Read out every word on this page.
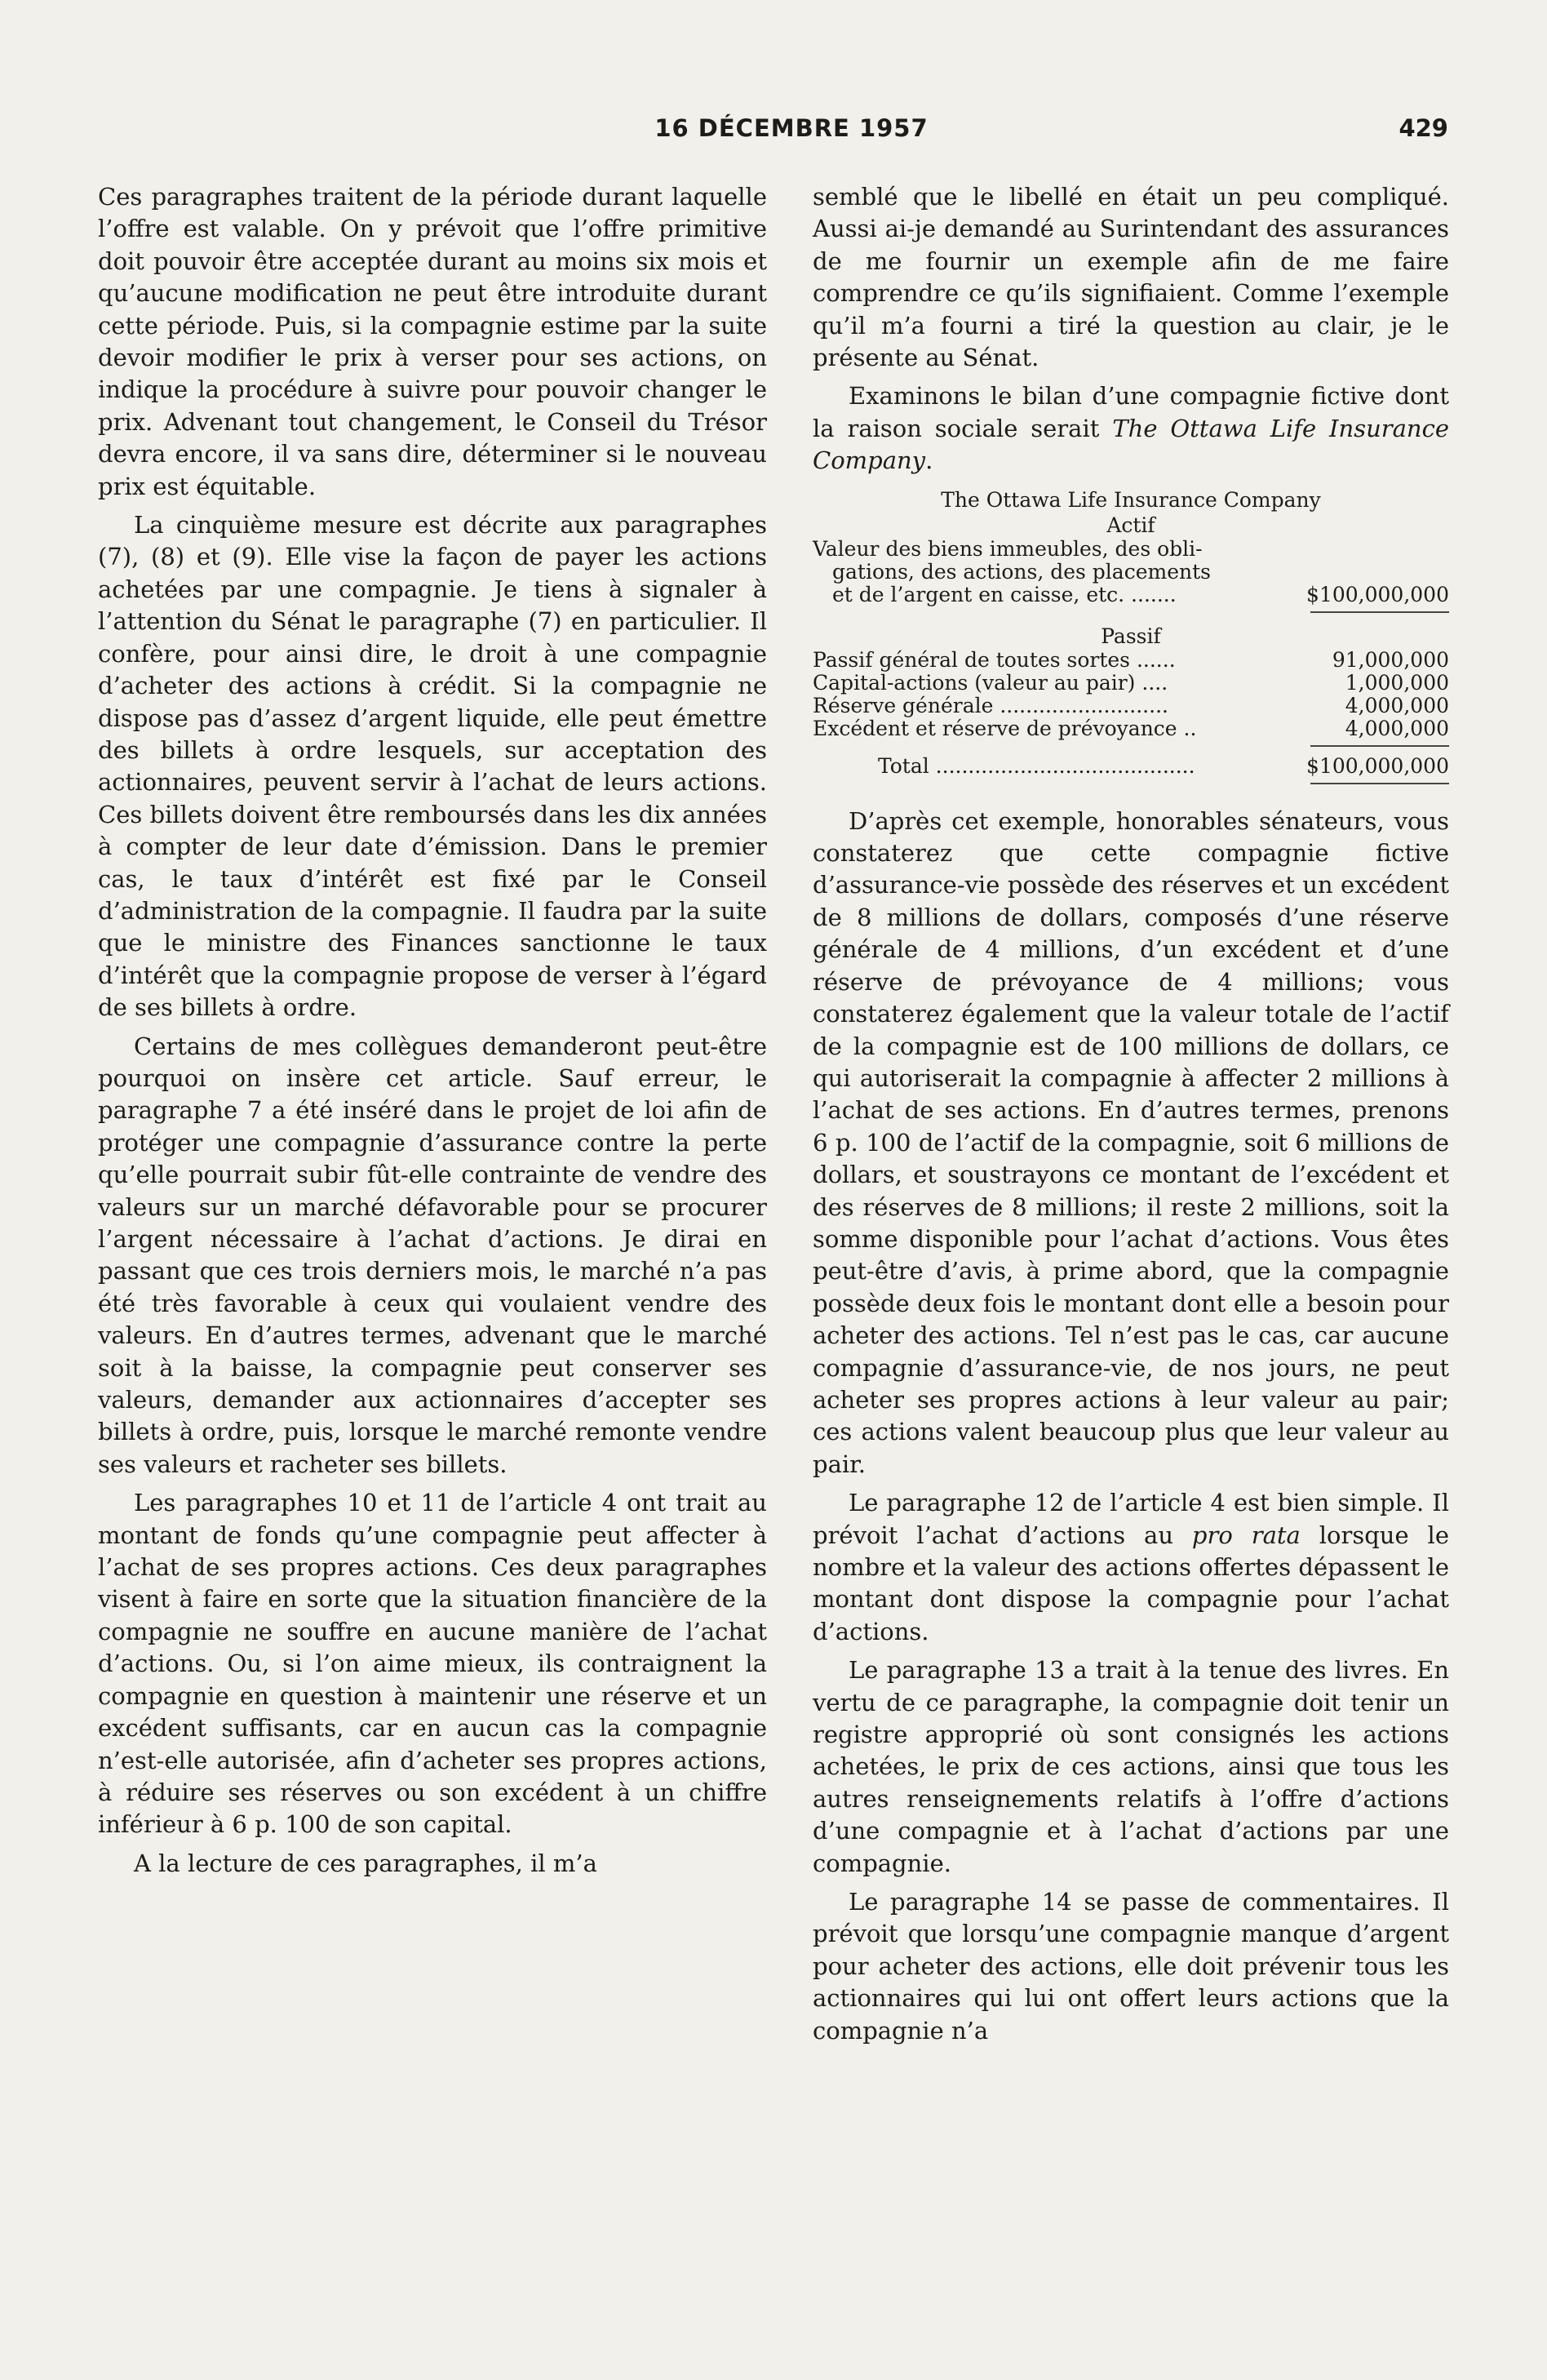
16 DÉCEMBRE 1957	429

Ces paragraphes traitent de la période durant laquelle l’offre est valable. On y prévoit que l’offre primitive doit pouvoir être acceptée durant au moins six mois et qu’aucune modification ne peut être introduite durant cette période. Puis, si la compagnie estime par la suite devoir modifier le prix à verser pour ses actions, on indique la procédure à suivre pour pouvoir changer le prix. Advenant tout changement, le Conseil du Trésor devra encore, il va sans dire, déterminer si le nouveau prix est équitable.

La cinquième mesure est décrite aux paragraphes (7), (8) et (9). Elle vise la façon de payer les actions achetées par une compagnie. Je tiens à signaler à l’attention du Sénat le paragraphe (7) en particulier. Il confère, pour ainsi dire, le droit à une compagnie d’acheter des actions à crédit. Si la compagnie ne dispose pas d’assez d’argent liquide, elle peut émettre des billets à ordre lesquels, sur acceptation des actionnaires, peuvent servir à l’achat de leurs actions. Ces billets doivent être remboursés dans les dix années à compter de leur date d’émission. Dans le premier cas, le taux d’intérêt est fixé par le Conseil d’administration de la compagnie. Il faudra par la suite que le ministre des Finances sanctionne le taux d’intérêt que la compagnie propose de verser à l’égard de ses billets à ordre.

Certains de mes collègues demanderont peut-être pourquoi on insère cet article. Sauf erreur, le paragraphe 7 a été inséré dans le projet de loi afin de protéger une compagnie d’assurance contre la perte qu’elle pourrait subir fût-elle contrainte de vendre des valeurs sur un marché défavorable pour se procurer l’argent nécessaire à l’achat d’actions. Je dirai en passant que ces trois derniers mois, le marché n’a pas été très favorable à ceux qui voulaient vendre des valeurs. En d’autres termes, advenant que le marché soit à la baisse, la compagnie peut conserver ses valeurs, demander aux actionnaires d’accepter ses billets à ordre, puis, lorsque le marché remonte vendre ses valeurs et racheter ses billets.

Les paragraphes 10 et 11 de l’article 4 ont trait au montant de fonds qu’une compagnie peut affecter à l’achat de ses propres actions. Ces deux paragraphes visent à faire en sorte que la situation financière de la compagnie ne souffre en aucune manière de l’achat d’actions. Ou, si l’on aime mieux, ils contraignent la compagnie en question à maintenir une réserve et un excédent suffisants, car en aucun cas la compagnie n’est-elle autorisée, afin d’acheter ses propres actions, à réduire ses réserves ou son excédent à un chiffre inférieur à 6 p. 100 de son capital.

A la lecture de ces paragraphes, il m’a

semblé que le libellé en était un peu compliqué. Aussi ai-je demandé au Surintendant des assurances de me fournir un exemple afin de me faire comprendre ce qu’ils signifiaient. Comme l’exemple qu’il m’a fourni a tiré la question au clair, je le présente au Sénat.

Examinons le bilan d’une compagnie fictive dont la raison sociale serait The Ottawa Life Insurance Company.

The Ottawa Life Insurance Company
Actif
Valeur des biens immeubles, des obli-
gations, des actions, des placements
et de l’argent en caisse, etc. .......	$100,000,000
Passif
Passif général de toutes sortes ......	91,000,000
Capital-actions (valeur au pair) ....	1,000,000
Réserve générale ..........................	4,000,000
Excédent et réserve de prévoyance ..	4,000,000
Total ........................................	$100,000,000

D’après cet exemple, honorables sénateurs, vous constaterez que cette compagnie fictive d’assurance-vie possède des réserves et un excédent de 8 millions de dollars, composés d’une réserve générale de 4 millions, d’un excédent et d’une réserve de prévoyance de 4 millions; vous constaterez également que la valeur totale de l’actif de la compagnie est de 100 millions de dollars, ce qui autoriserait la compagnie à affecter 2 millions à l’achat de ses actions. En d’autres termes, prenons 6 p. 100 de l’actif de la compagnie, soit 6 millions de dollars, et soustrayons ce montant de l’excédent et des réserves de 8 millions; il reste 2 millions, soit la somme disponible pour l’achat d’actions. Vous êtes peut-être d’avis, à prime abord, que la compagnie possède deux fois le montant dont elle a besoin pour acheter des actions. Tel n’est pas le cas, car aucune compagnie d’assurance-vie, de nos jours, ne peut acheter ses propres actions à leur valeur au pair; ces actions valent beaucoup plus que leur valeur au pair.

Le paragraphe 12 de l’article 4 est bien simple. Il prévoit l’achat d’actions au pro rata lorsque le nombre et la valeur des actions offertes dépassent le montant dont dispose la compagnie pour l’achat d’actions.

Le paragraphe 13 a trait à la tenue des livres. En vertu de ce paragraphe, la compagnie doit tenir un registre approprié où sont consignés les actions achetées, le prix de ces actions, ainsi que tous les autres renseignements relatifs à l’offre d’actions d’une compagnie et à l’achat d’actions par une compagnie.

Le paragraphe 14 se passe de commentaires. Il prévoit que lorsqu’une compagnie manque d’argent pour acheter des actions, elle doit prévenir tous les actionnaires qui lui ont offert leurs actions que la compagnie n’a
